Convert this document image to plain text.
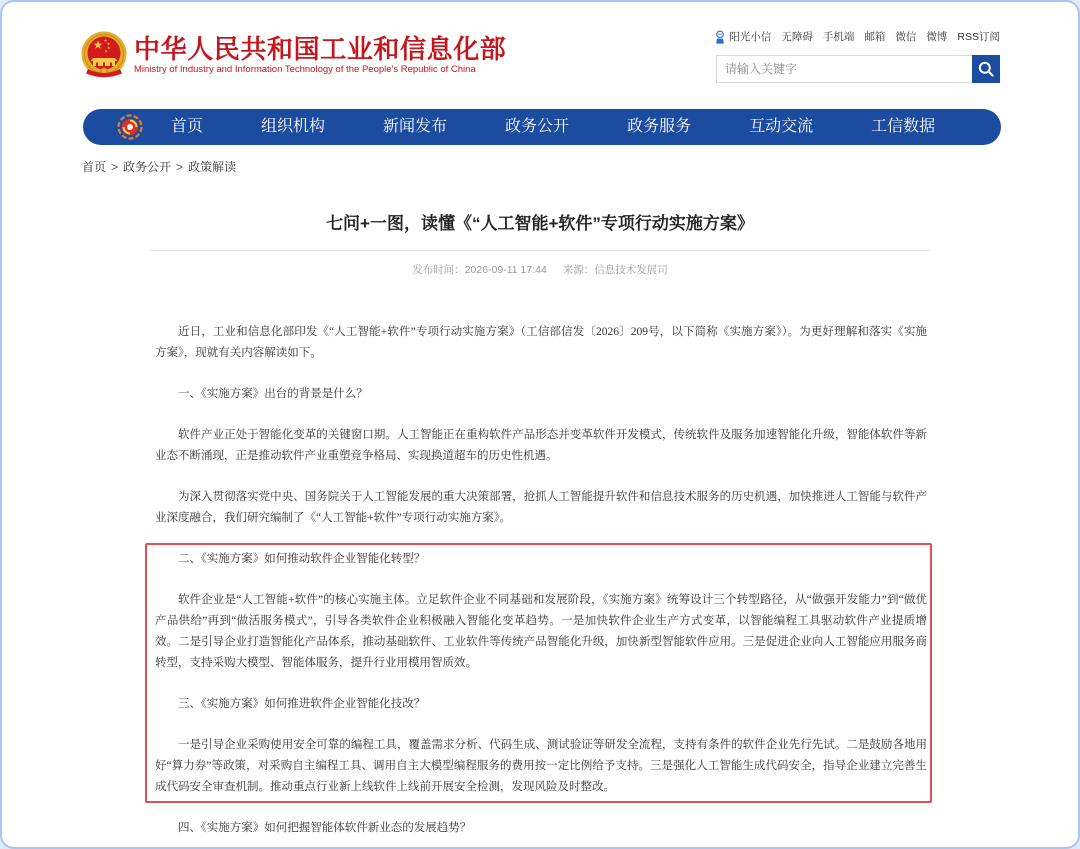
中华人民共和国工业和信息化部
Ministry of Industry and Information Technology of the People's Republic of China
阳光小信 无障碍 手机端 邮箱 微信 微博 RSS订阅
请输入关键字
首页	组织机构	新闻发布	政务公开	政务服务	互动交流	工信数据
首页 > 政务公开 > 政策解读
七问+一图，读懂《“人工智能+软件”专项行动实施方案》
发布时间：2026-09-11 17:44 来源：信息技术发展司

近日，工业和信息化部印发《“人工智能+软件”专项行动实施方案》（工信部信发〔2026〕209号，以下简称《实施方案》）。为更好理解和落实《实施方案》，现就有关内容解读如下。

一、《实施方案》出台的背景是什么？

软件产业正处于智能化变革的关键窗口期。人工智能正在重构软件产品形态并变革软件开发模式，传统软件及服务加速智能化升级，智能体软件等新业态不断涌现，正是推动软件产业重塑竞争格局、实现换道超车的历史性机遇。

为深入贯彻落实党中央、国务院关于人工智能发展的重大决策部署，抢抓人工智能提升软件和信息技术服务的历史机遇，加快推进人工智能与软件产业深度融合，我们研究编制了《“人工智能+软件”专项行动实施方案》。

二、《实施方案》如何推动软件企业智能化转型？

软件企业是“人工智能+软件”的核心实施主体。立足软件企业不同基础和发展阶段，《实施方案》统筹设计三个转型路径，从“做强开发能力”到“做优产品供给”再到“做活服务模式”，引导各类软件企业积极融入智能化变革趋势。一是加快软件企业生产方式变革，以智能编程工具驱动软件产业提质增效。二是引导企业打造智能化产品体系，推动基础软件、工业软件等传统产品智能化升级，加快新型智能软件应用。三是促进企业向人工智能应用服务商转型，支持采购大模型、智能体服务，提升行业用模用智质效。

三、《实施方案》如何推进软件企业智能化技改？

一是引导企业采购使用安全可靠的编程工具，覆盖需求分析、代码生成、测试验证等研发全流程，支持有条件的软件企业先行先试。二是鼓励各地用好“算力券”等政策，对采购自主编程工具、调用自主大模型编程服务的费用按一定比例给予支持。三是强化人工智能生成代码安全，指导企业建立完善生成代码安全审查机制。推动重点行业新上线软件上线前开展安全检测，发现风险及时整改。

四、《实施方案》如何把握智能体软件新业态的发展趋势？
